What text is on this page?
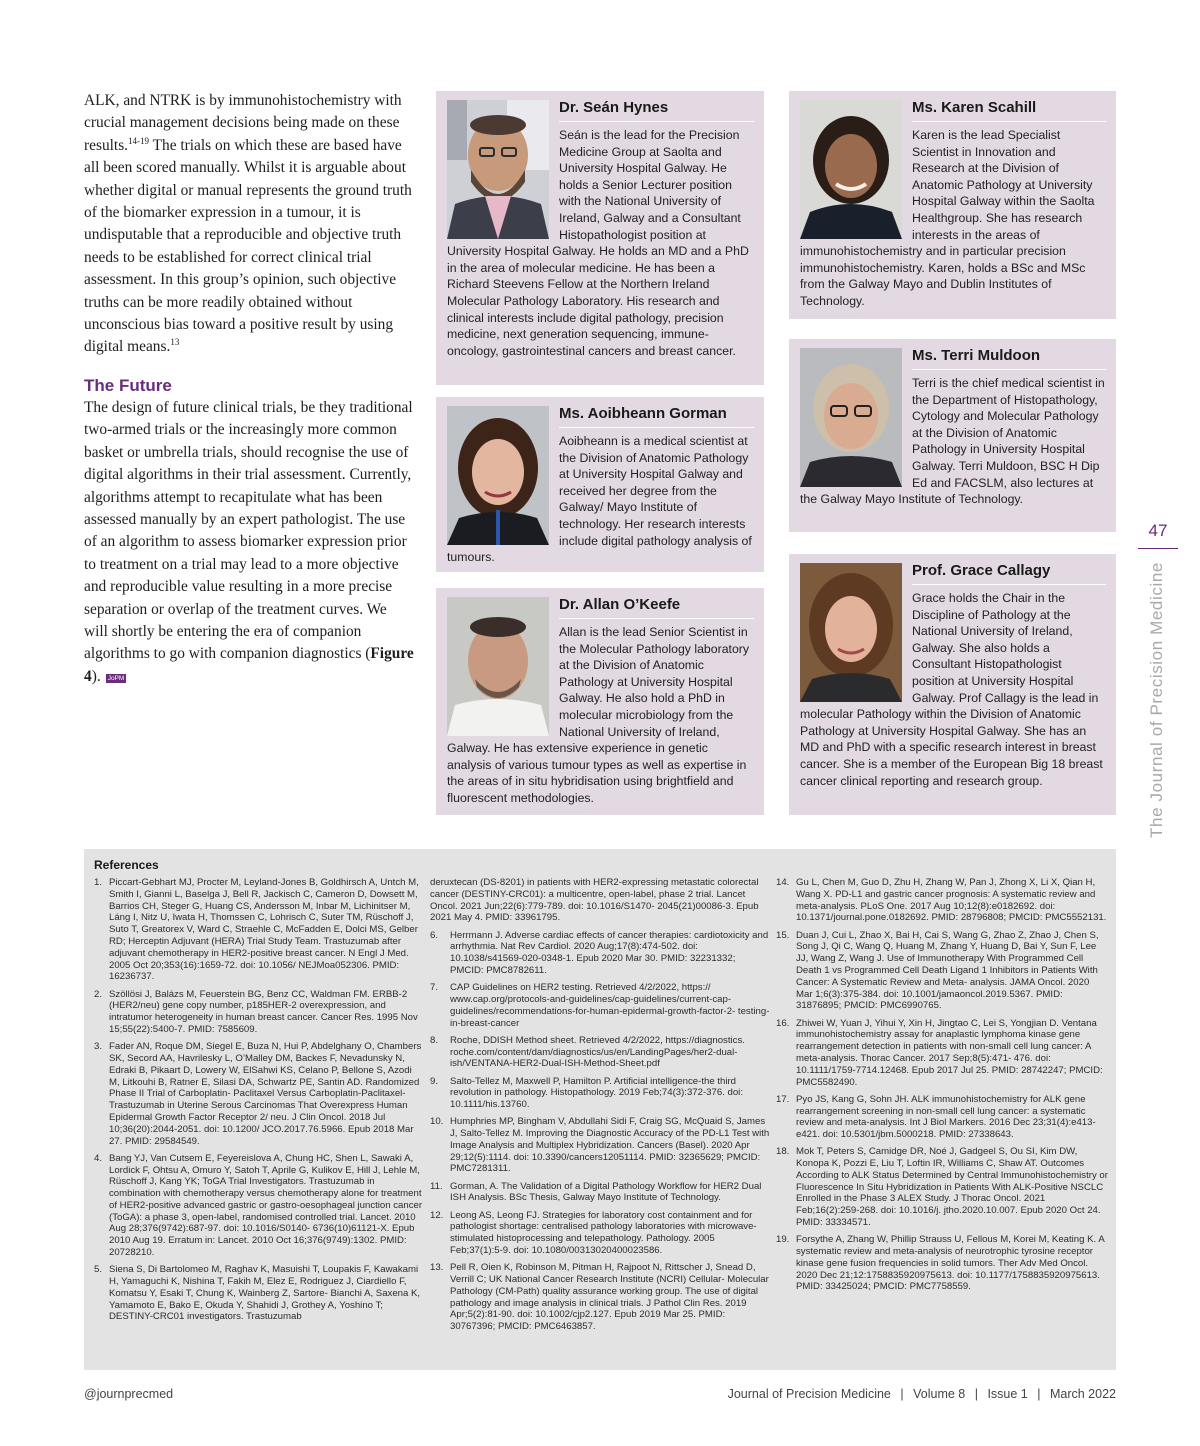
ALK, and NTRK is by immunohistochemistry with crucial management decisions being made on these results.$^{14-19}$ The trials on which these are based have all been scored manually. Whilst it is arguable about whether digital or manual represents the ground truth of the biomarker expression in a tumour, it is undisputable that a reproducible and objective truth needs to be established for correct clinical trial assessment. In this group’s opinion, such objective truths can be more readily obtained without unconscious bias toward a positive result by using digital means.$^{13}$

The Future

The design of future clinical trials, be they traditional two-armed trials or the increasingly more common basket or umbrella trials, should recognise the use of digital algorithms in their trial assessment. Currently, algorithms attempt to recapitulate what has been assessed manually by an expert pathologist. The use of an algorithm to assess biomarker expression prior to treatment on a trial may lead to a more objective and reproducible value resulting in a more precise separation or overlap of the treatment curves. We will shortly be entering the era of companion algorithms to go with companion diagnostics (Figure 4). JoPM

Dr. Seán Hynes

Seán is the lead for the Precision Medicine Group at Saolta and University Hospital Galway. He holds a Senior Lecturer position with the National University of Ireland, Galway and a Consultant Histopathologist position at University Hospital Galway. He holds an MD and a PhD in the area of molecular medicine. He has been a Richard Steevens Fellow at the Northern Ireland Molecular Pathology Laboratory. His research and clinical interests include digital pathology, precision medicine, next generation sequencing, immune-oncology, gastrointestinal cancers and breast cancer.

Ms. Karen Scahill

Karen is the lead Specialist Scientist in Innovation and Research at the Division of Anatomic Pathology at University Hospital Galway within the Saolta Healthgroup. She has research interests in the areas of immunohistochemistry and in particular precision immunohistochemistry. Karen, holds a BSc and MSc from the Galway Mayo and Dublin Institutes of Technology.

Ms. Aoibheann Gorman

Aoibheann is a medical scientist at the Division of Anatomic Pathology at University Hospital Galway and received her degree from the Galway/ Mayo Institute of technology. Her research interests include digital pathology analysis of tumours.

Ms. Terri Muldoon

Terri is the chief medical scientist in the Department of Histopathology, Cytology and Molecular Pathology at the Division of Anatomic Pathology in University Hospital Galway. Terri Muldoon, BSC H Dip Ed and FACSLM, also lectures at the Galway Mayo Institute of Technology.

Dr. Allan O’Keefe

Allan is the lead Senior Scientist in the Molecular Pathology laboratory at the Division of Anatomic Pathology at University Hospital Galway. He also hold a PhD in molecular microbiology from the National University of Ireland, Galway. He has extensive experience in genetic analysis of various tumour types as well as expertise in the areas of in situ hybridisation using brightfield and fluorescent methodologies.

Prof. Grace Callagy

Grace holds the Chair in the Discipline of Pathology at the National University of Ireland, Galway. She also holds a Consultant Histopathologist position at University Hospital Galway. Prof Callagy is the lead in molecular Pathology within the Division of Anatomic Pathology at University Hospital Galway. She has an MD and PhD with a specific research interest in breast cancer. She is a member of the European Big 18 breast cancer clinical reporting and research group.

47
The Journal of Precision Medicine
References
1. Piccart-Gebhart MJ, Procter M, Leyland-Jones B, Goldhirsch A, Untch M, Smith I, Gianni L, Baselga J, Bell R, Jackisch C, Cameron D, Dowsett M, Barrios CH, Steger G, Huang CS, Andersson M, Inbar M, Lichinitser M, Láng I, Nitz U, Iwata H, Thomssen C, Lohrisch C, Suter TM, Rüschoff J, Suto T, Greatorex V, Ward C, Straehle C, McFadden E, Dolci MS, Gelber RD; Herceptin Adjuvant (HERA) Trial Study Team. Trastuzumab after adjuvant chemotherapy in HER2-positive breast cancer. N Engl J Med. 2005 Oct 20;353(16):1659-72. doi: 10.1056/ NEJMoa052306. PMID: 16236737.
2. Szöllösi J, Balázs M, Feuerstein BG, Benz CC, Waldman FM. ERBB-2 (HER2/neu) gene copy number, p185HER-2 overexpression, and intratumor heterogeneity in human breast cancer. Cancer Res. 1995 Nov 15;55(22):5400-7. PMID: 7585609.
3. Fader AN, Roque DM, Siegel E, Buza N, Hui P, Abdelghany O, Chambers SK, Secord AA, Havrilesky L, O’Malley DM, Backes F, Nevadunsky N, Edraki B, Pikaart D, Lowery W, ElSahwi KS, Celano P, Bellone S, Azodi M, Litkouhi B, Ratner E, Silasi DA, Schwartz PE, Santin AD. Randomized Phase II Trial of Carboplatin- Paclitaxel Versus Carboplatin-Paclitaxel-Trastuzumab in Uterine Serous Carcinomas That Overexpress Human Epidermal Growth Factor Receptor 2/ neu. J Clin Oncol. 2018 Jul 10;36(20):2044-2051. doi: 10.1200/ JCO.2017.76.5966. Epub 2018 Mar 27. PMID: 29584549.
4. Bang YJ, Van Cutsem E, Feyereislova A, Chung HC, Shen L, Sawaki A, Lordick F, Ohtsu A, Omuro Y, Satoh T, Aprile G, Kulikov E, Hill J, Lehle M, Rüschoff J, Kang YK; ToGA Trial Investigators. Trastuzumab in combination with chemotherapy versus chemotherapy alone for treatment of HER2-positive advanced gastric or gastro-oesophageal junction cancer (ToGA): a phase 3, open-label, randomised controlled trial. Lancet. 2010 Aug 28;376(9742):687-97. doi: 10.1016/S0140- 6736(10)61121-X. Epub 2010 Aug 19. Erratum in: Lancet. 2010 Oct 16;376(9749):1302. PMID: 20728210.
5. Siena S, Di Bartolomeo M, Raghav K, Masuishi T, Loupakis F, Kawakami H, Yamaguchi K, Nishina T, Fakih M, Elez E, Rodriguez J, Ciardiello F, Komatsu Y, Esaki T, Chung K, Wainberg Z, Sartore- Bianchi A, Saxena K, Yamamoto E, Bako E, Okuda Y, Shahidi J, Grothey A, Yoshino T; DESTINY-CRC01 investigators. Trastuzumab
deruxtecan (DS-8201) in patients with HER2-expressing metastatic colorectal cancer (DESTINY-CRC01): a multicentre, open-label, phase 2 trial. Lancet Oncol. 2021 Jun;22(6):779-789. doi: 10.1016/S1470- 2045(21)00086-3. Epub 2021 May 4. PMID: 33961795.
6. Herrmann J. Adverse cardiac effects of cancer therapies: cardiotoxicity and arrhythmia. Nat Rev Cardiol. 2020 Aug;17(8):474-502. doi: 10.1038/s41569-020-0348-1. Epub 2020 Mar 30. PMID: 32231332; PMCID: PMC8782611.
7. CAP Guidelines on HER2 testing. Retrieved 4/2/2022, https:// www.cap.org/protocols-and-guidelines/cap-guidelines/current-cap- guidelines/recommendations-for-human-epidermal-growth-factor-2- testing-in-breast-cancer
8. Roche, DDISH Method sheet. Retrieved 4/2/2022, https://diagnostics. roche.com/content/dam/diagnostics/us/en/LandingPages/her2-dual- ish/VENTANA-HER2-Dual-ISH-Method-Sheet.pdf
9. Salto-Tellez M, Maxwell P, Hamilton P. Artificial intelligence-the third revolution in pathology. Histopathology. 2019 Feb;74(3):372-376. doi: 10.1111/his.13760.
10. Humphries MP, Bingham V, Abdullahi Sidi F, Craig SG, McQuaid S, James J, Salto-Tellez M. Improving the Diagnostic Accuracy of the PD-L1 Test with Image Analysis and Multiplex Hybridization. Cancers (Basel). 2020 Apr 29;12(5):1114. doi: 10.3390/cancers12051114. PMID: 32365629; PMCID: PMC7281311.
11. Gorman, A. The Validation of a Digital Pathology Workflow for HER2 Dual ISH Analysis. BSc Thesis, Galway Mayo Institute of Technology.
12. Leong AS, Leong FJ. Strategies for laboratory cost containment and for pathologist shortage: centralised pathology laboratories with microwave-stimulated histoprocessing and telepathology. Pathology. 2005 Feb;37(1):5-9. doi: 10.1080/00313020400023586.
13. Pell R, Oien K, Robinson M, Pitman H, Rajpoot N, Rittscher J, Snead D, Verrill C; UK National Cancer Research Institute (NCRI) Cellular- Molecular Pathology (CM-Path) quality assurance working group. The use of digital pathology and image analysis in clinical trials. J Pathol Clin Res. 2019 Apr;5(2):81-90. doi: 10.1002/cjp2.127. Epub 2019 Mar 25. PMID: 30767396; PMCID: PMC6463857.
14. Gu L, Chen M, Guo D, Zhu H, Zhang W, Pan J, Zhong X, Li X, Qian H, Wang X. PD-L1 and gastric cancer prognosis: A systematic review and meta-analysis. PLoS One. 2017 Aug 10;12(8):e0182692. doi: 10.1371/journal.pone.0182692. PMID: 28796808; PMCID: PMC5552131.
15. Duan J, Cui L, Zhao X, Bai H, Cai S, Wang G, Zhao Z, Zhao J, Chen S, Song J, Qi C, Wang Q, Huang M, Zhang Y, Huang D, Bai Y, Sun F, Lee JJ, Wang Z, Wang J. Use of Immunotherapy With Programmed Cell Death 1 vs Programmed Cell Death Ligand 1 Inhibitors in Patients With Cancer: A Systematic Review and Meta- analysis. JAMA Oncol. 2020 Mar 1;6(3):375-384. doi: 10.1001/jamaoncol.2019.5367. PMID: 31876895; PMCID: PMC6990765.
16. Zhiwei W, Yuan J, Yihui Y, Xin H, Jingtao C, Lei S, Yongjian D. Ventana immunohistochemistry assay for anaplastic lymphoma kinase gene rearrangement detection in patients with non-small cell lung cancer: A meta-analysis. Thorac Cancer. 2017 Sep;8(5):471- 476. doi: 10.1111/1759-7714.12468. Epub 2017 Jul 25. PMID: 28742247; PMCID: PMC5582490.
17. Pyo JS, Kang G, Sohn JH. ALK immunohistochemistry for ALK gene rearrangement screening in non-small cell lung cancer: a systematic review and meta-analysis. Int J Biol Markers. 2016 Dec 23;31(4):e413-e421. doi: 10.5301/jbm.5000218. PMID: 27338643.
18. Mok T, Peters S, Camidge DR, Noé J, Gadgeel S, Ou SI, Kim DW, Konopa K, Pozzi E, Liu T, Loftin IR, Williams C, Shaw AT. Outcomes According to ALK Status Determined by Central Immunohistochemistry or Fluorescence In Situ Hybridization in Patients With ALK-Positive NSCLC Enrolled in the Phase 3 ALEX Study. J Thorac Oncol. 2021 Feb;16(2):259-268. doi: 10.1016/j. jtho.2020.10.007. Epub 2020 Oct 24. PMID: 33334571.
19. Forsythe A, Zhang W, Phillip Strauss U, Fellous M, Korei M, Keating K. A systematic review and meta-analysis of neurotrophic tyrosine receptor kinase gene fusion frequencies in solid tumors. Ther Adv Med Oncol. 2020 Dec 21;12:1758835920975613. doi: 10.1177/1758835920975613. PMID: 33425024; PMCID: PMC7758559.
@journprecmed	Journal of Precision Medicine | Volume 8 | Issue 1 | March 2022
